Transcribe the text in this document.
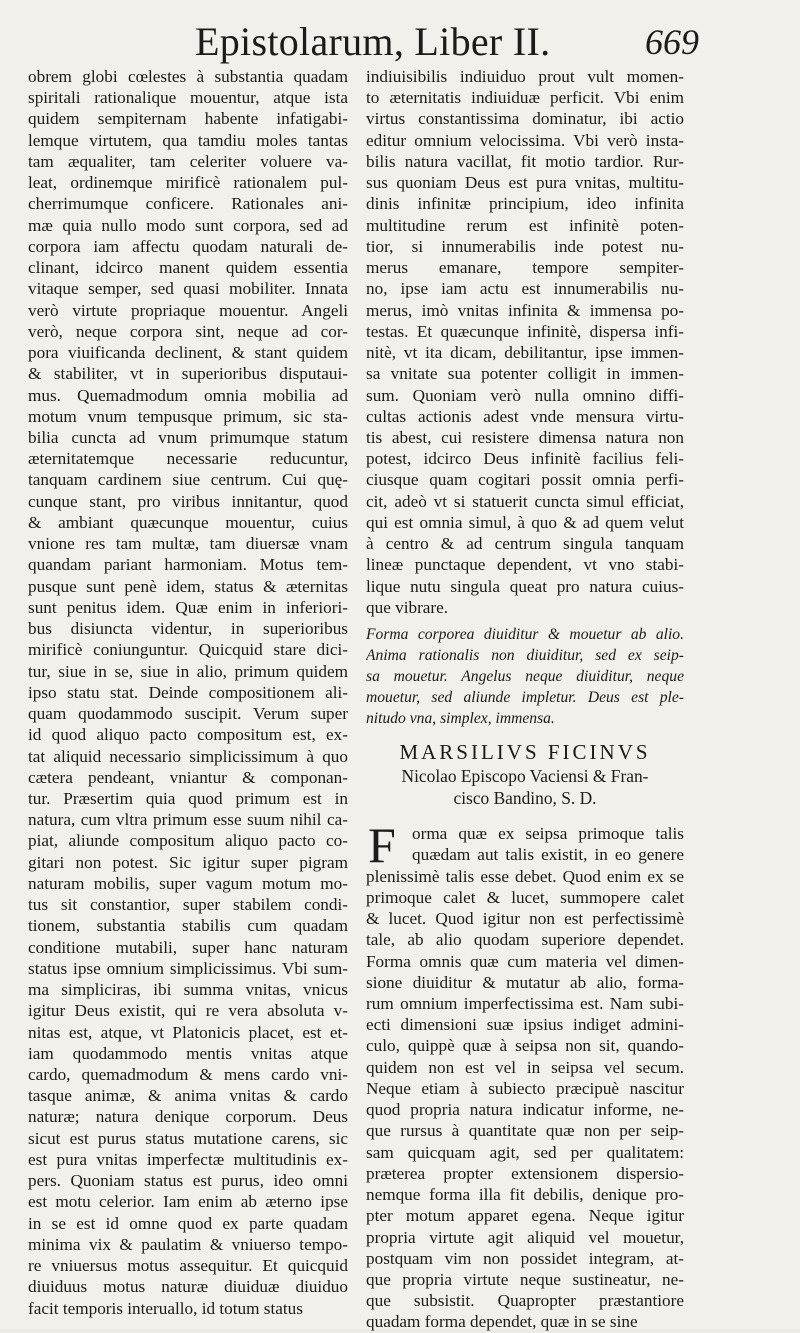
Epistolarum, Liber II.	669
obrem globi cœlestes à substantia quadam
spiritali rationalique mouentur, atque ista
quidem sempiternam habente infatigabi-
lemque virtutem, qua tamdiu moles tantas
tam æqualiter, tam celeriter voluere va-
leat, ordinemque mirificè rationalem pul-
cherrimumque conficere. Rationales ani-
mæ quia nullo modo sunt corpora, sed ad
corpora iam affectu quodam naturali de-
clinant, idcirco manent quidem essentia
vitaque semper, sed quasi mobiliter. Innata
verò virtute propriaque mouentur. Angeli
verò, neque corpora sint, neque ad cor-
pora viuificanda declinent, & stant quidem
& stabiliter, vt in superioribus disputaui-
mus. Quemadmodum omnia mobilia ad
motum vnum tempusque primum, sic sta-
bilia cuncta ad vnum primumque statum
æternitatemque necessarie reducuntur,
tanquam cardinem siue centrum. Cui quę-
cunque stant, pro viribus innitantur, quod
& ambiant quæcunque mouentur, cuius
vnione res tam multæ, tam diuersæ vnam
quandam pariant harmoniam. Motus tem-
pusque sunt penè idem, status & æternitas
sunt penitus idem. Quæ enim in inferiori-
bus disiuncta videntur, in superioribus
mirificè coniunguntur. Quicquid stare dici-
tur, siue in se, siue in alio, primum quidem
ipso statu stat. Deinde compositionem ali-
quam quodammodo suscipit. Verum super
id quod aliquo pacto compositum est, ex-
tat aliquid necessario simplicissimum à quo
cætera pendeant, vniantur & componan-
tur. Præsertim quia quod primum est in
natura, cum vltra primum esse suum nihil ca-
piat, aliunde compositum aliquo pacto co-
gitari non potest. Sic igitur super pigram
naturam mobilis, super vagum motum mo-
tus sit constantior, super stabilem condi-
tionem, substantia stabilis cum quadam
conditione mutabili, super hanc naturam
status ipse omnium simplicissimus. Vbi sum-
ma simpliciras, ibi summa vnitas, vnicus
igitur Deus existit, qui re vera absoluta v-
nitas est, atque, vt Platonicis placet, est et-
iam quodammodo mentis vnitas atque
cardo, quemadmodum & mens cardo vni-
tasque animæ, & anima vnitas & cardo
naturæ; natura denique corporum. Deus
sicut est purus status mutatione carens, sic
est pura vnitas imperfectæ multitudinis ex-
pers. Quoniam status est purus, ideo omni
est motu celerior. Iam enim ab æterno ipse
in se est id omne quod ex parte quadam
minima vix & paulatim & vniuerso tempo-
re vniuersus motus assequitur. Et quicquid
diuiduus motus naturæ diuiduæ diuiduo
facit temporis interuallo, id totum status
indiuisibilis indiuiduo prout vult momen-
to æternitatis indiuiduæ perficit. Vbi enim
virtus constantissima dominatur, ibi actio
editur omnium velocissima. Vbi verò insta-
bilis natura vacillat, fit motio tardior. Rur-
sus quoniam Deus est pura vnitas, multitu-
dinis infinitæ principium, ideo infinita
multitudine rerum est infinitè poten-
tior, si innumerabilis inde potest nu-
merus emanare, tempore sempiter-
no, ipse iam actu est innumerabilis nu-
merus, imò vnitas infinita & immensa po-
testas. Et quæcunque infinitè, dispersa infi-
nitè, vt ita dicam, debilitantur, ipse immen-
sa vnitate sua potenter colligit in immen-
sum. Quoniam verò nulla omnino diffi-
cultas actionis adest vnde mensura virtu-
tis abest, cui resistere dimensa natura non
potest, idcirco Deus infinitè facilius feli-
ciusque quam cogitari possit omnia perfi-
cit, adeò vt si statuerit cuncta simul efficiat,
qui est omnia simul, à quo & ad quem velut
à centro & ad centrum singula tanquam
lineæ punctaque dependent, vt vno stabi-
lique nutu singula queat pro natura cuius-
que vibrare.
Forma corporea diuiditur & mouetur ab alio.
Anima rationalis non diuiditur, sed ex seip-
sa mouetur. Angelus neque diuiditur, neque
mouetur, sed aliunde impletur. Deus est ple-
nitudo vna, simplex, immensa.
MARSILIVS FICINVS
Nicolao Episcopo Vaciensi & Fran-
cisco Bandino, S. D.
F orma quæ ex seipsa primoque talis
quædam aut talis existit, in eo genere
plenissimè talis esse debet. Quod enim ex se
primoque calet & lucet, summopere calet
& lucet. Quod igitur non est perfectissimè
tale, ab alio quodam superiore dependet.
Forma omnis quæ cum materia vel dimen-
sione diuiditur & mutatur ab alio, forma-
rum omnium imperfectissima est. Nam subi-
ecti dimensioni suæ ipsius indiget admini-
culo, quippè quæ à seipsa non sit, quando-
quidem non est vel in seipsa vel secum.
Neque etiam à subiecto præcipuè nascitur
quod propria natura indicatur informe, ne-
que rursus à quantitate quæ non per seip-
sam quicquam agit, sed per qualitatem:
præterea propter extensionem dispersio-
nemque forma illa fit debilis, denique pro-
pter motum apparet egena. Neque igitur
propria virtute agit aliquid vel mouetur,
postquam vim non possidet integram, at-
que propria virtute neque sustineatur, ne-
que subsistit. Quapropter præstantiore
quadam forma dependet, quæ in se sine
